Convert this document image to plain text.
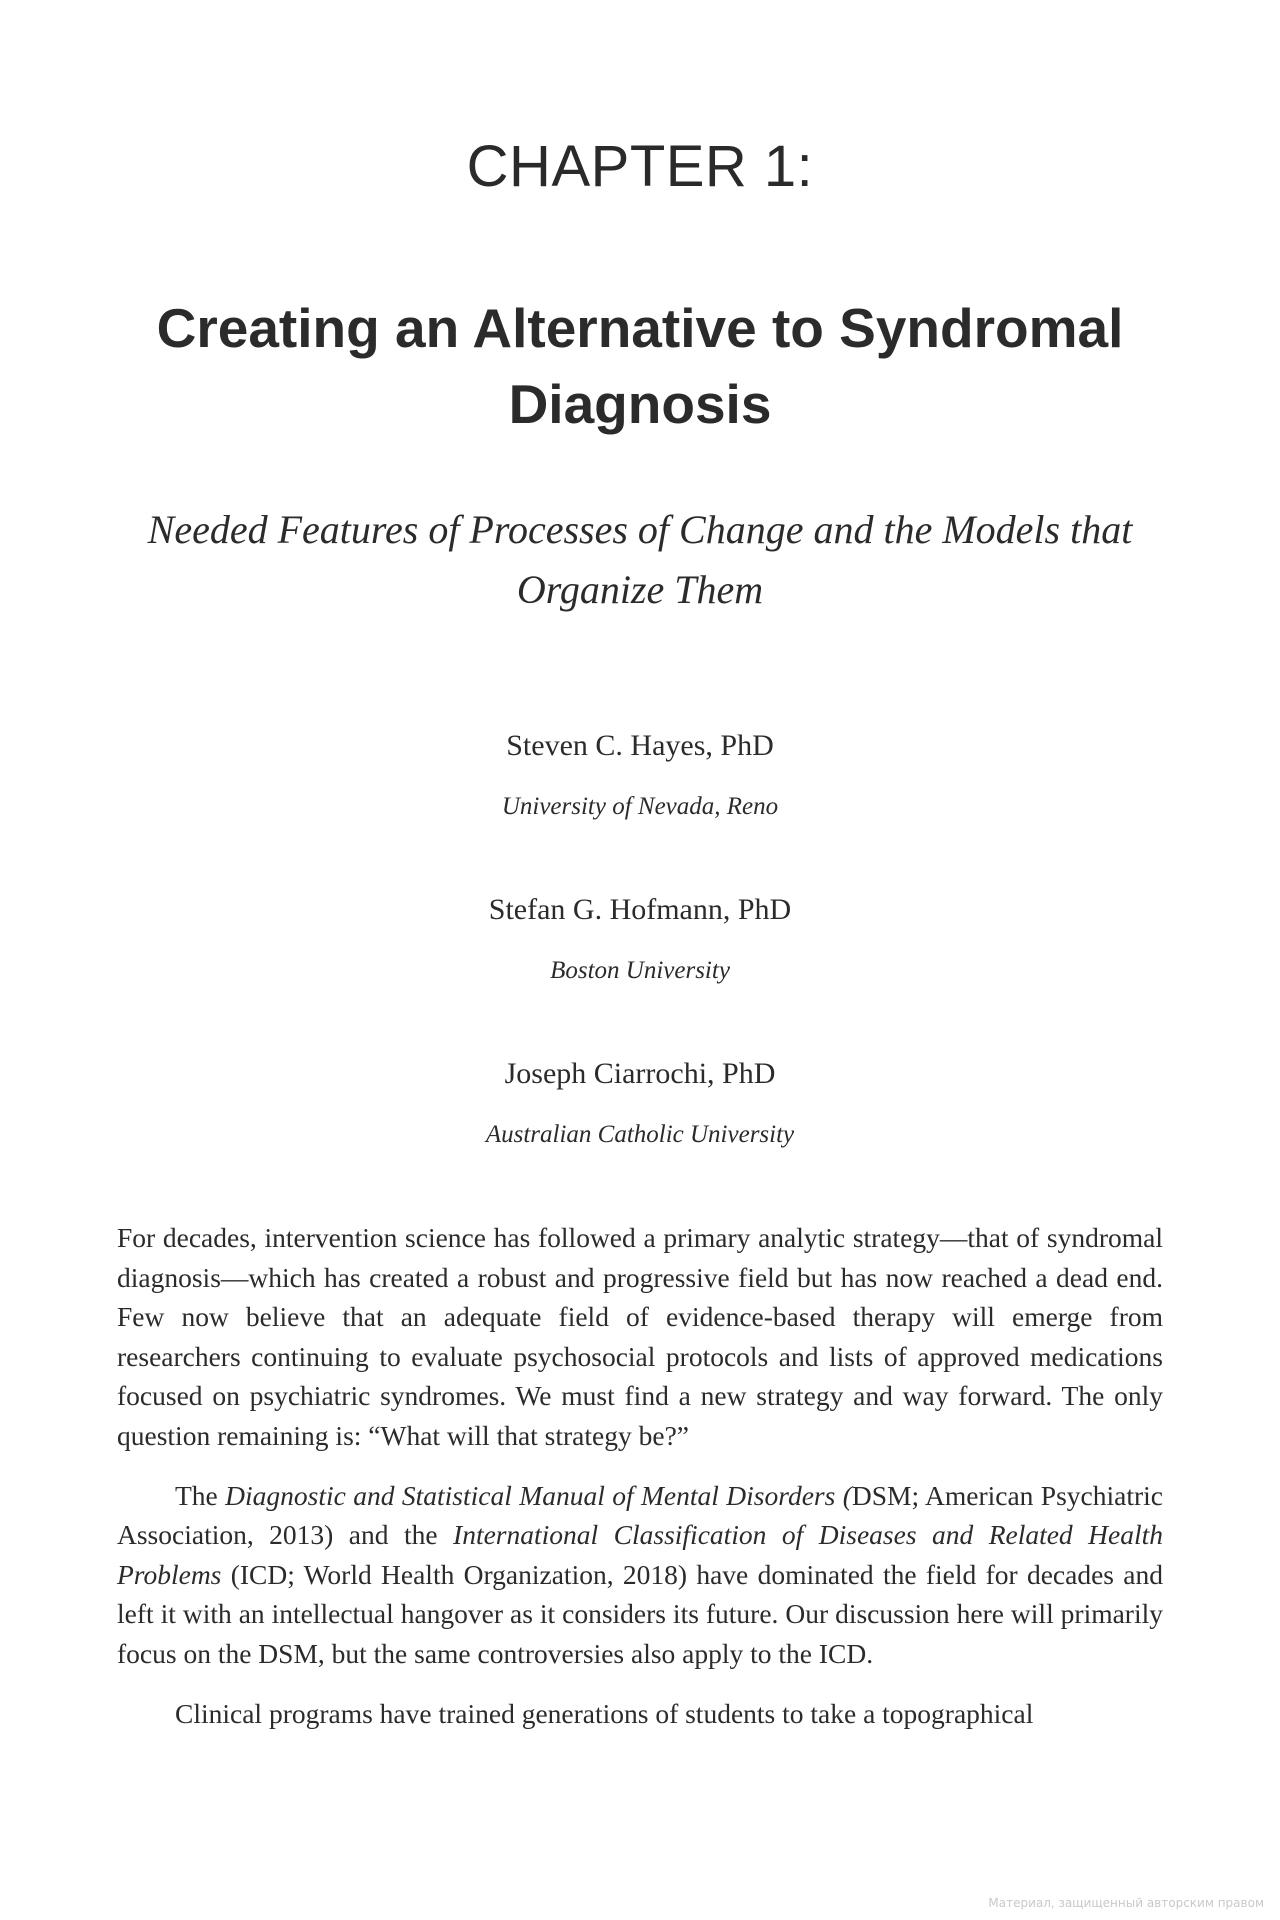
CHAPTER 1:
Creating an Alternative to Syndromal Diagnosis
Needed Features of Processes of Change and the Models that Organize Them
Steven C. Hayes, PhD
University of Nevada, Reno
Stefan G. Hofmann, PhD
Boston University
Joseph Ciarrochi, PhD
Australian Catholic University

For decades, intervention science has followed a primary analytic strategy—that of syndromal diagnosis—which has created a robust and progressive field but has now reached a dead end. Few now believe that an adequate field of evidence-based therapy will emerge from researchers continuing to evaluate psychosocial protocols and lists of approved medications focused on psychiatric syndromes. We must find a new strategy and way forward. The only question remaining is: “What will that strategy be?”

The Diagnostic and Statistical Manual of Mental Disorders (DSM; American Psychiatric Association, 2013) and the International Classification of Diseases and Related Health Problems (ICD; World Health Organization, 2018) have dominated the field for decades and left it with an intellectual hangover as it considers its future. Our discussion here will primarily focus on the DSM, but the same controversies also apply to the ICD.

Clinical programs have trained generations of students to take a topographical

Материал, защищенный авторским правом
